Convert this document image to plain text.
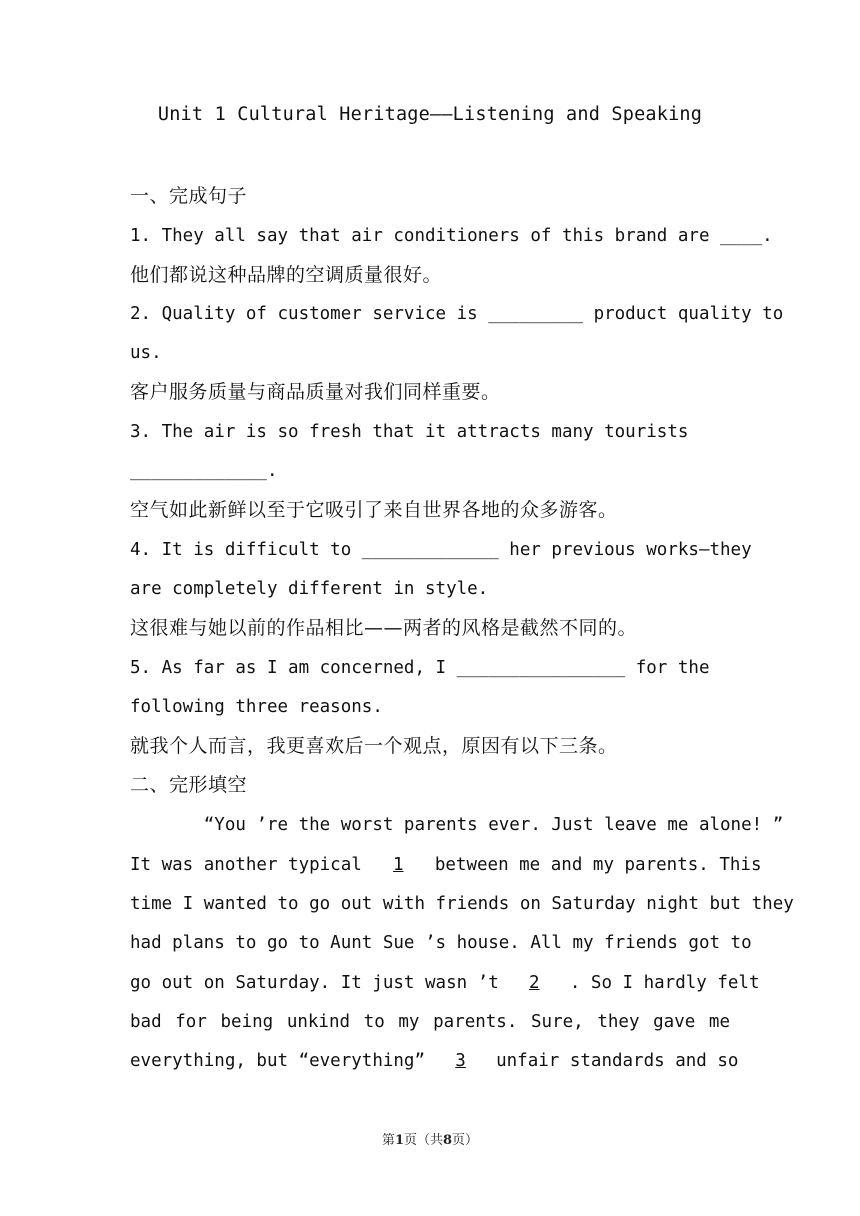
Unit 1 Cultural Heritage——Listening and Speaking
一、完成句子
1. They all say that air conditioners of this brand are ____.
他们都说这种品牌的空调质量很好。
2. Quality of customer service is _________ product quality to
us.
客户服务质量与商品质量对我们同样重要。
3. The air is so fresh that it attracts many tourists
_____________.
空气如此新鲜以至于它吸引了来自世界各地的众多游客。
4. It is difficult to _____________ her previous works—they
are completely different in style.
这很难与她以前的作品相比——两者的风格是截然不同的。
5. As far as I am concerned, I ________________ for the
following three reasons.
就我个人而言，我更喜欢后一个观点，原因有以下三条。
二、完形填空
“You ’re the worst parents ever. Just leave me alone! ”
It was another typical 1 between me and my parents. This
time I wanted to go out with friends on Saturday night but they
had plans to go to Aunt Sue ’s house. All my friends got to
go out on Saturday. It just wasn ’t 2 . So I hardly felt
bad for being unkind to my parents. Sure, they gave me
everything, but “everything” 3 unfair standards and so
第1页（共8页）
